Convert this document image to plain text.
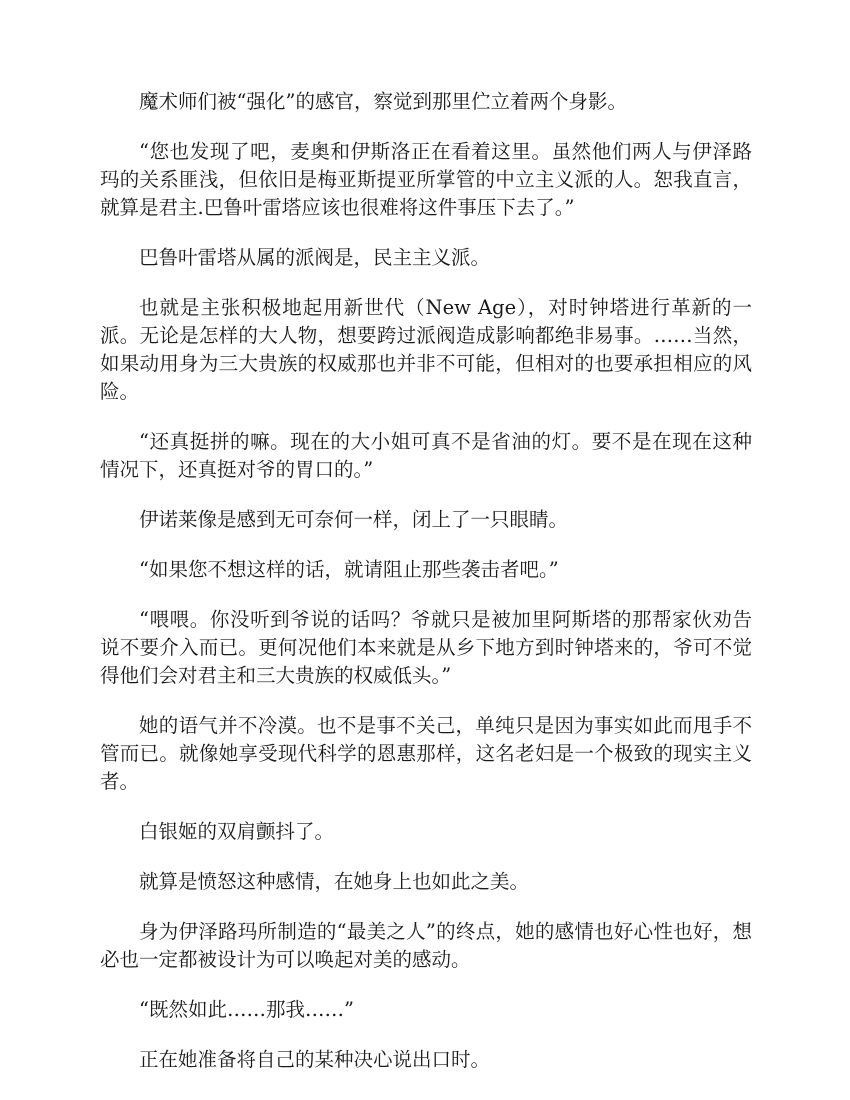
魔术师们被“强化”的感官，察觉到那里伫立着两个身影。

“您也发现了吧，麦奥和伊斯洛正在看着这里。虽然他们两人与伊泽路玛的关系匪浅，但依旧是梅亚斯提亚所掌管的中立主义派的人。恕我直言，就算是君主.巴鲁叶雷塔应该也很难将这件事压下去了。”

巴鲁叶雷塔从属的派阀是，民主主义派。

也就是主张积极地起用新世代（New Age），对时钟塔进行革新的一派。无论是怎样的大人物，想要跨过派阀造成影响都绝非易事。……当然，如果动用身为三大贵族的权威那也并非不可能，但相对的也要承担相应的风险。

“还真挺拼的嘛。现在的大小姐可真不是省油的灯。要不是在现在这种情况下，还真挺对爷的胃口的。”

伊诺莱像是感到无可奈何一样，闭上了一只眼睛。

“如果您不想这样的话，就请阻止那些袭击者吧。”

“喂喂。你没听到爷说的话吗？爷就只是被加里阿斯塔的那帮家伙劝告说不要介入而已。更何况他们本来就是从乡下地方到时钟塔来的，爷可不觉得他们会对君主和三大贵族的权威低头。”

她的语气并不冷漠。也不是事不关己，单纯只是因为事实如此而甩手不管而已。就像她享受现代科学的恩惠那样，这名老妇是一个极致的现实主义者。

白银姬的双肩颤抖了。

就算是愤怒这种感情，在她身上也如此之美。

身为伊泽路玛所制造的“最美之人”的终点，她的感情也好心性也好，想必也一定都被设计为可以唤起对美的感动。

“既然如此……那我……”

正在她准备将自己的某种决心说出口时。
